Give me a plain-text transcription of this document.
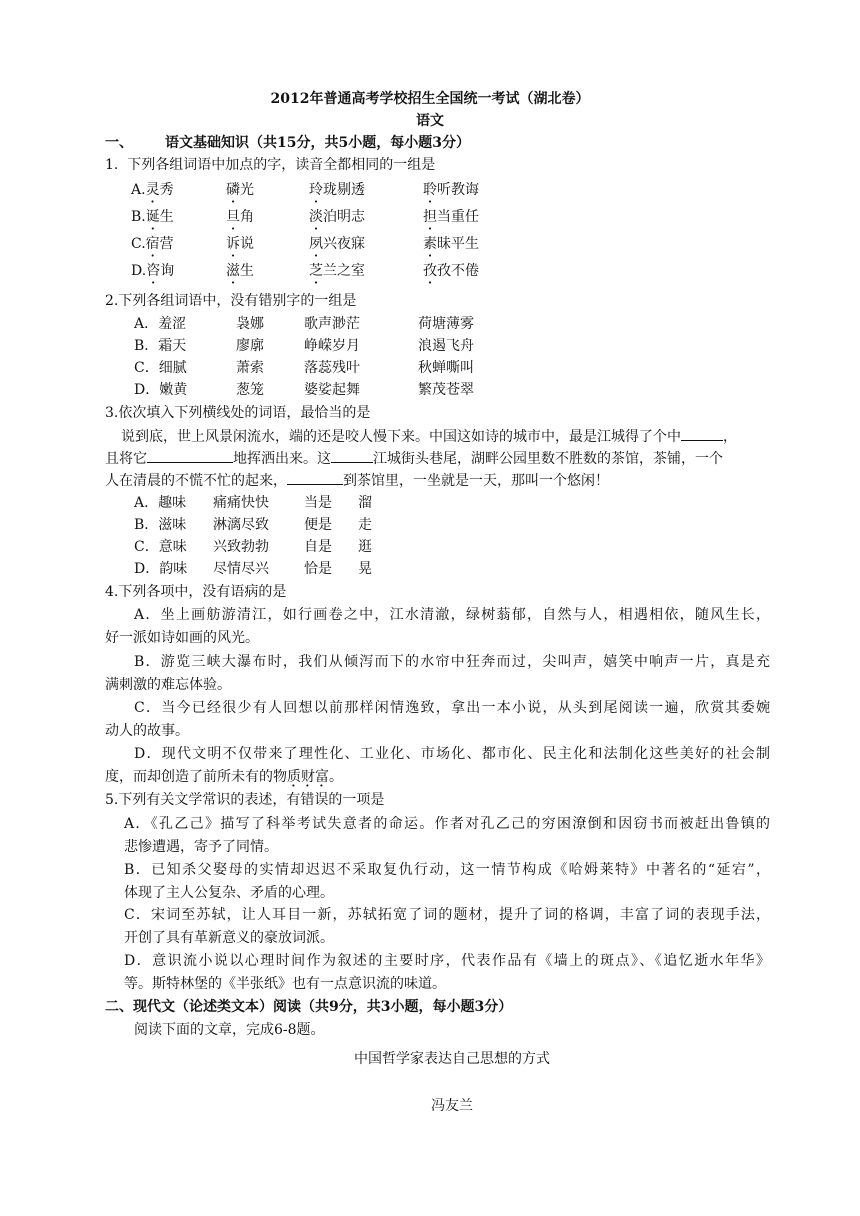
2012年普通高考学校招生全国统一考试（湖北卷）
语文
一、 语文基础知识（共15分，共5小题，每小题3分）
1.  下列各组词语中加点的字，读音全都相同的一组是
A.灵秀	磷光	玲珑剔透	聆听教诲
B.诞生	旦角	淡泊明志	担当重任
C.宿营	诉说	夙兴夜寐	素昧平生
D.咨询	滋生	芝兰之室	孜孜不倦
2.下列各组词语中，没有错别字的一组是
A．羞涩	袅娜	歌声渺茫	荷塘薄雾
B．霜天	廖廓	峥嵘岁月	浪遏飞舟
C．细腻	萧索	落蕊残叶	秋蝉嘶叫
D．嫩黄	葱笼	婆娑起舞	繁茂苍翠
3.依次填入下列横线处的词语，最恰当的是
说到底，世上风景闲流水，端的还是咬人慢下来。中国这如诗的城市中，最是江城得了个中	，
且将它	地挥洒出来。这	江城街头巷尾，湖畔公园里数不胜数的茶馆，茶铺，一个
人在清晨的不慌不忙的起来，	到茶馆里，一坐就是一天，那叫一个悠闲！
A．趣味 痛痛快快	当是 溜
B．滋味 淋漓尽致	便是 走
C．意味 兴致勃勃	自是 逛
D．韵味 尽情尽兴	恰是 晃
4.下列各项中，没有语病的是
A．坐上画舫游清江，如行画卷之中，江水清澈，绿树蓊郁，自然与人，相遇相依，随风生长，
好一派如诗如画的风光。
B．游览三峡大瀑布时，我们从倾泻而下的水帘中狂奔而过，尖叫声，嬉笑中响声一片，真是充
满刺激的难忘体验。
C．当今已经很少有人回想以前那样闲情逸致，拿出一本小说，从头到尾阅读一遍，欣赏其委婉
动人的故事。
D．现代文明不仅带来了理性化、工业化、市场化、都市化、民主化和法制化这些美好的社会制
度，而却创造了前所未有的物质财富。
5.下列有关文学常识的表述，有错误的一项是
A．《孔乙己》描写了科举考试失意者的命运。作者对孔乙己的穷困潦倒和因窃书而被赶出鲁镇的
悲惨遭遇，寄予了同情。
B．已知杀父娶母的实情却迟迟不采取复仇行动，这一情节构成《哈姆莱特》中著名的“延宕”，
体现了主人公复杂、矛盾的心理。
C．宋词至苏轼，让人耳目一新，苏轼拓宽了词的题材，提升了词的格调，丰富了词的表现手法，
开创了具有革新意义的豪放词派。
D．意识流小说以心理时间作为叙述的主要时序，代表作品有《墙上的斑点》、《追忆逝水年华》
等。斯特林堡的《半张纸》也有一点意识流的味道。
二、现代文（论述类文本）阅读（共9分，共3小题，每小题3分）
阅读下面的文章，完成6-8题。
中国哲学家表达自己思想的方式
冯友兰
